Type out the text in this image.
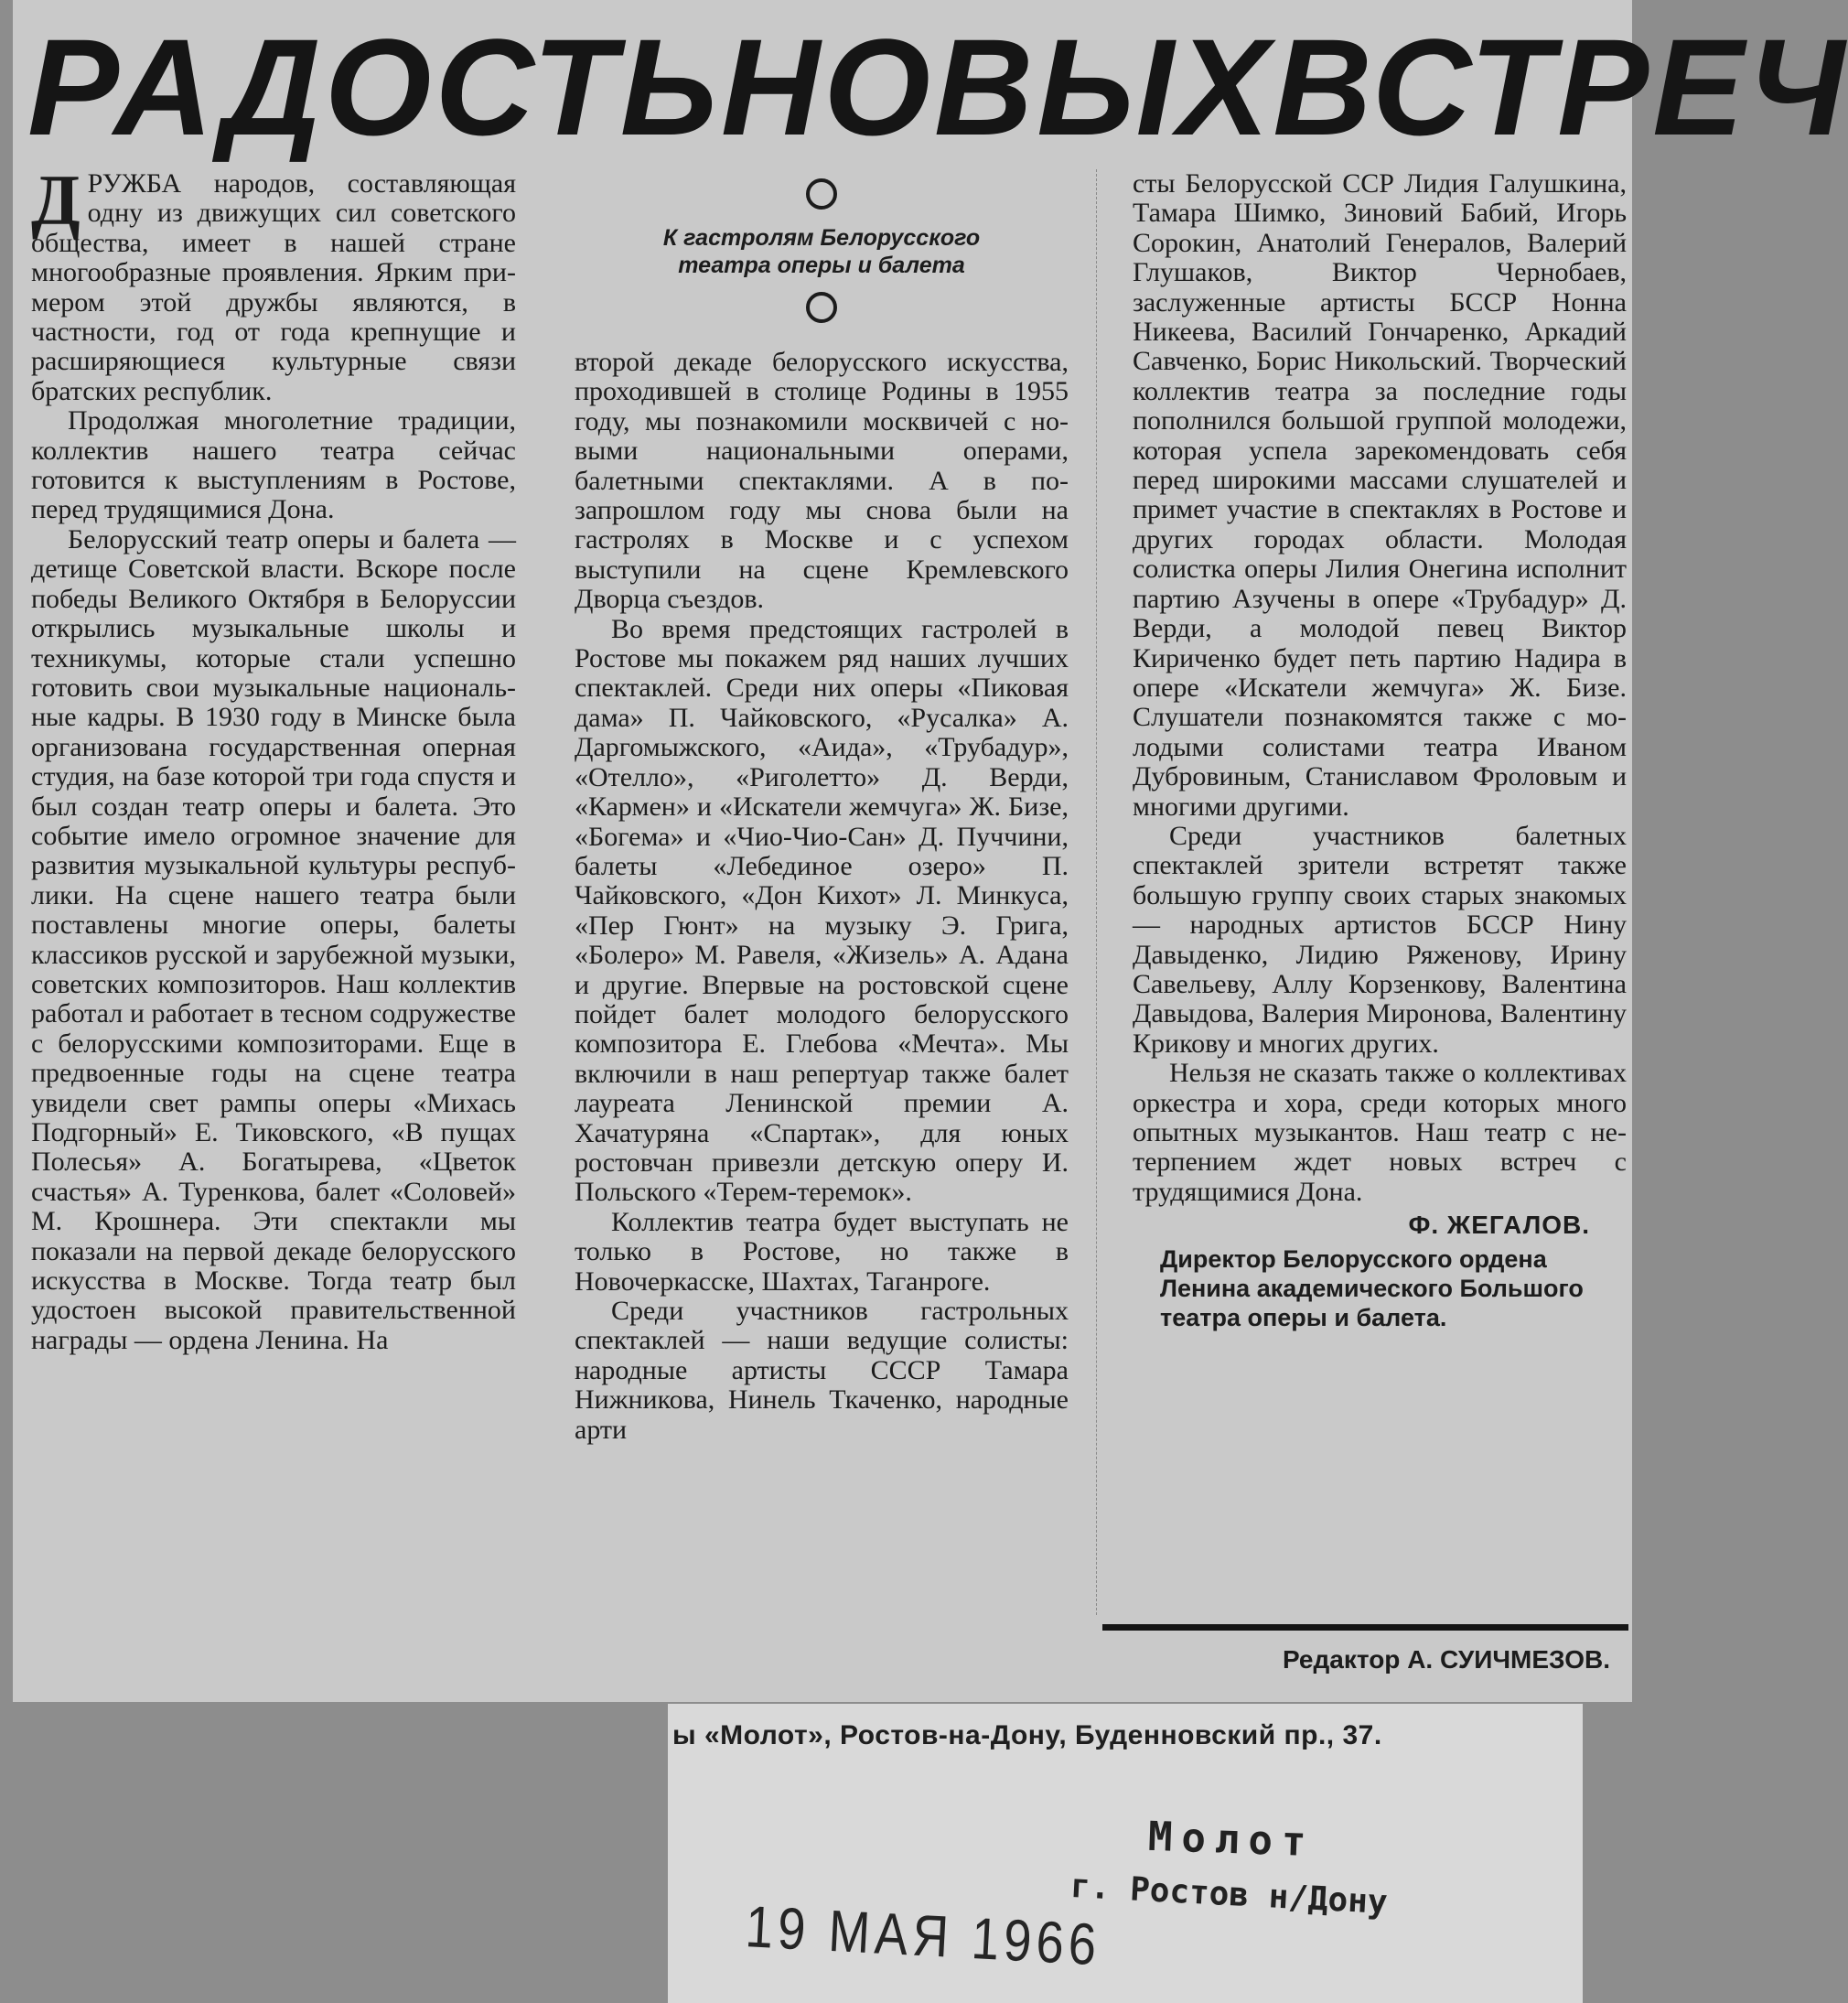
РАДОСТЬ НОВЫХ ВСТРЕЧ

ДРУЖБА народов, составляющая одну из движущих сил советского общества, имеет в нашей стране многообразные проявления. Ярким примером этой дружбы являются, в частности, год от года крепнущие и расширяющиеся культурные связи братских республик.

Продолжая многолетние традиции, коллектив нашего театра сейчас готовится к выступлениям в Ростове, перед трудящимися Дона.

Белорусский театр оперы и балета — детище Советской власти. Вскоре после победы Великого Октября в Белоруссии открылись музыкальные школы и техникумы, которые стали успешно готовить свои музыкальные национальные кадры. В 1930 году в Минске была организована государственная оперная студия, на базе которой три года спустя и был создан театр оперы и балета. Это событие имело огромное значение для развития музыкальной культуры республики. На сцене нашего театра были поставлены многие оперы, балеты классиков русской и зарубежной музыки, советских композиторов. Наш коллектив работал и работает в тесном содружестве с белорусскими композиторами. Еще в предвоенные годы на сцене театра увидели свет рампы оперы «Михась Подгорный» Е. Тиковского, «В пущах Полесья» А. Богатырева, «Цветок счастья» А. Туренкова, балет «Соловей» М. Крошнера. Эти спектакли мы показали на первой декаде белорусского искусства в Москве. Тогда театр был удостоен высокой правительственной награды — ордена Ленина. На

К гастролям Белорусского
театра оперы и балета

второй декаде белорусского искусства, проходившей в столице Родины в 1955 году, мы познакомили москвичей с новыми национальными операми, балетными спектаклями. А в позапрошлом году мы снова были на гастролях в Москве и с успехом выступили на сцене Кремлевского Дворца съездов.

Во время предстоящих гастролей в Ростове мы покажем ряд наших лучших спектаклей. Среди них оперы «Пиковая дама» П. Чайковского, «Русалка» А. Даргомыжского, «Аида», «Трубадур», «Отелло», «Риголетто» Д. Верди, «Кармен» и «Искатели жемчуга» Ж. Бизе, «Богема» и «Чио-Чио-Сан» Д. Пуччини, балеты «Лебединое озеро» П. Чайковского, «Дон Кихот» Л. Минкуса, «Пер Гюнт» на музыку Э. Грига, «Болеро» М. Равеля, «Жизель» А. Адана и другие. Впервые на ростовской сцене пойдет балет молодого белорусского композитора Е. Глебова «Мечта». Мы включили в наш репертуар также балет лауреата Ленинской премии А. Хачатуряна «Спартак», для юных ростовчан привезли детскую оперу И. Польского «Терем-теремок».

Коллектив театра будет выступать не только в Ростове, но также в Новочеркасске, Шахтах, Таганроге.

Среди участников гастрольных спектаклей — наши ведущие солисты: народные артисты СССР Тамара Нижникова, Нинель Ткаченко, народные арти

сты Белорусской ССР Лидия Галушкина, Тамара Шимко, Зиновий Бабий, Игорь Сорокин, Анатолий Генералов, Валерий Глушаков, Виктор Чернобаев, заслуженные артисты БССР Нонна Никеева, Василий Гончаренко, Аркадий Савченко, Борис Никольский. Творческий коллектив театра за последние годы пополнился большой группой молодежи, которая успела зарекомендовать себя перед широкими массами слушателей и примет участие в спектаклях в Ростове и других городах области. Молодая солистка оперы Лилия Онегина исполнит партию Азучены в опере «Трубадур» Д. Верди, а молодой певец Виктор Кириченко будет петь партию Надира в опере «Искатели жемчуга» Ж. Бизе. Слушатели познакомятся также с молодыми солистами театра Иваном Дубровиным, Станиславом Фроловым и многими другими.

Среди участников балетных спектаклей зрители встретят также большую группу своих старых знакомых — народных артистов БССР Нину Давыденко, Лидию Ряженову, Ирину Савельеву, Аллу Корзенкову, Валентина Давыдова, Валерия Миронова, Валентину Крикову и многих других.

Нельзя не сказать также о коллективах оркестра и хора, среди которых много опытных музыкантов. Наш театр с нетерпением ждет новых встреч с трудящимися Дона.

Ф. ЖЕГАЛОВ.
Директор Белорусского ордена Ленина академического Большого театра оперы и балета.
Редактор А. СУИЧМЕЗОВ.
ы «Молот», Ростов-на-Дону, Буденновский пр., 37.
Молот
г. Ростов н/Дону
19 МАЯ 1966
